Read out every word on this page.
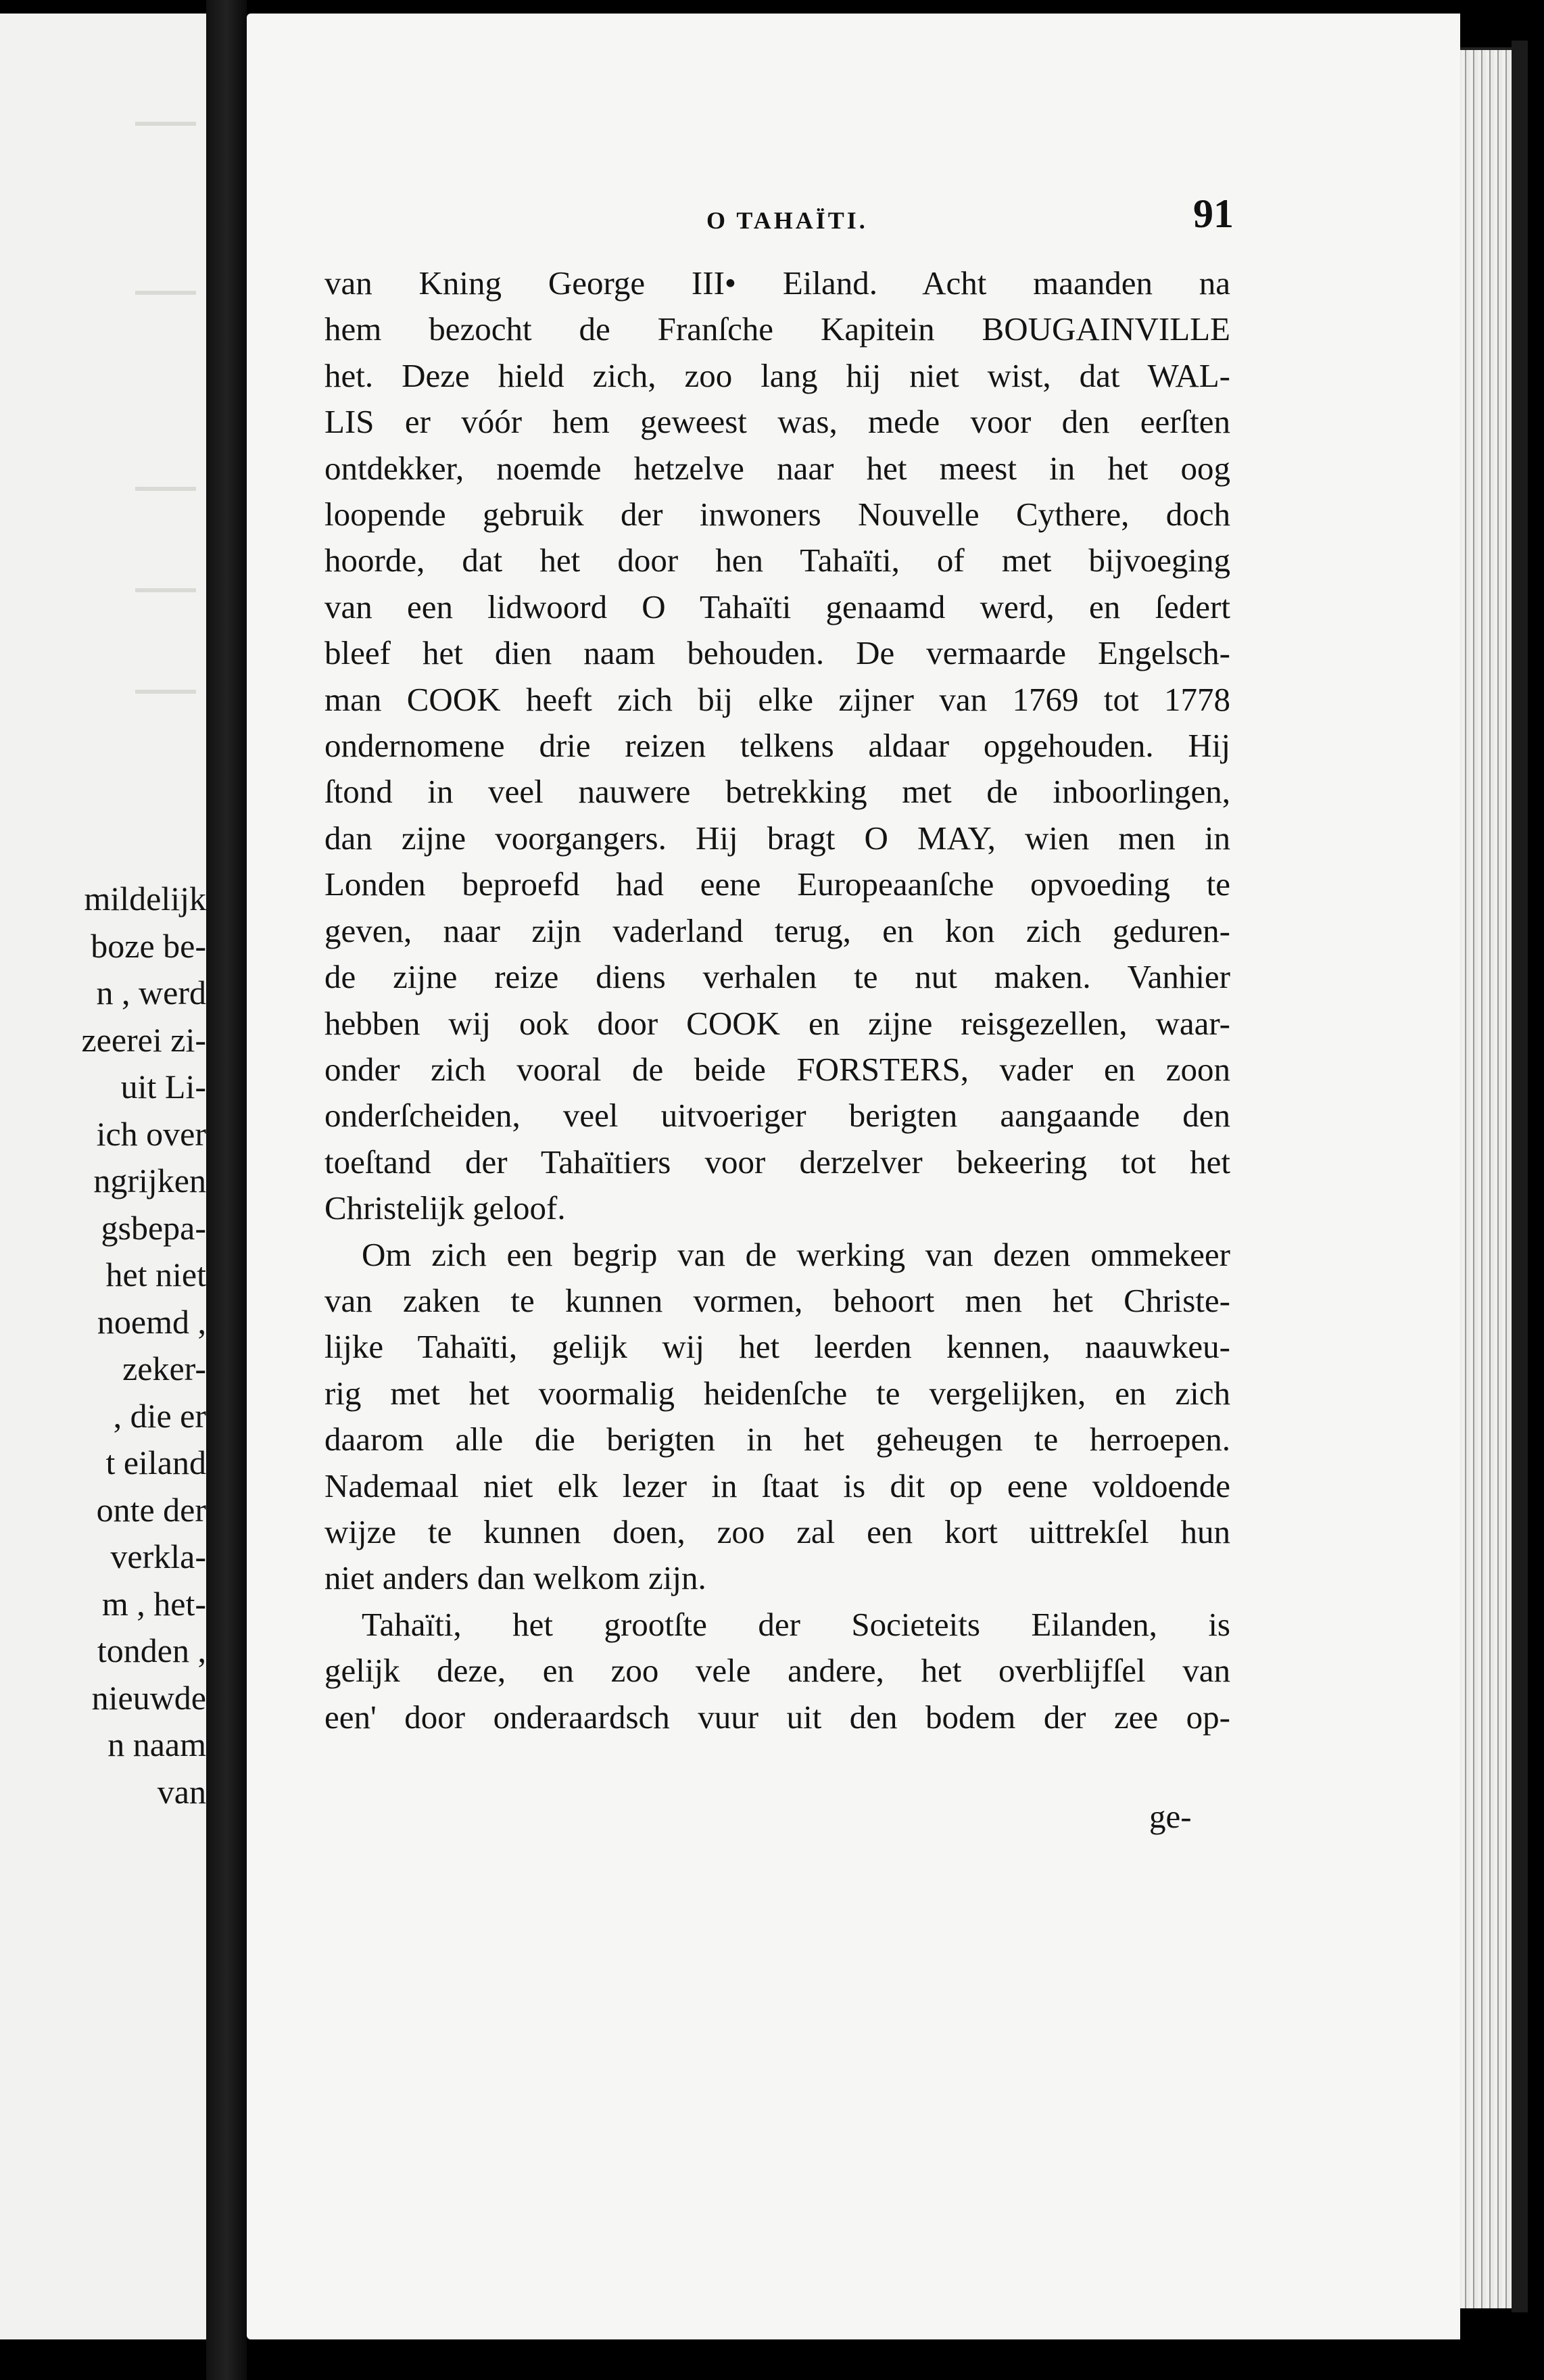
mildelijk
boze be-
n , werd
zeerei zi-
uit Li-
ich over
ngrijken
gsbepa-
het niet
noemd ,
zeker-
, die er
t eiland
onte der
verkla-
m , het-
tonden ,
nieuwde
n naam
van
O TAHAÏTI.	91
van Kning George III• Eiland. Acht maanden na
hem bezocht de Franſche Kapitein BOUGAINVILLE
het. Deze hield zich, zoo lang hij niet wist, dat WAL-
LIS er vóór hem geweest was, mede voor den eerſten
ontdekker, noemde hetzelve naar het meest in het oog
loopende gebruik der inwoners Nouvelle Cythere, doch
hoorde, dat het door hen Tahaïti, of met bijvoeging
van een lidwoord O Tahaïti genaamd werd, en ſedert
bleef het dien naam behouden. De vermaarde Engelsch-
man COOK heeft zich bij elke zijner van 1769 tot 1778
ondernomene drie reizen telkens aldaar opgehouden. Hij
ſtond in veel nauwere betrekking met de inboorlingen,
dan zijne voorgangers. Hij bragt O MAY, wien men in
Londen beproefd had eene Europeaanſche opvoeding te
geven, naar zijn vaderland terug, en kon zich geduren-
de zijne reize diens verhalen te nut maken. Vanhier
hebben wij ook door COOK en zijne reisgezellen, waar-
onder zich vooral de beide FORSTERS, vader en zoon
onderſcheiden, veel uitvoeriger berigten aangaande den
toeſtand der Tahaïtiers voor derzelver bekeering tot het
Christelijk geloof.
Om zich een begrip van de werking van dezen ommekeer
van zaken te kunnen vormen, behoort men het Christe-
lijke Tahaïti, gelijk wij het leerden kennen, naauwkeu-
rig met het voormalig heidenſche te vergelijken, en zich
daarom alle die berigten in het geheugen te herroepen.
Nademaal niet elk lezer in ſtaat is dit op eene voldoende
wijze te kunnen doen, zoo zal een kort uittrekſel hun
niet anders dan welkom zijn.
Tahaïti, het grootſte der Societeits Eilanden, is
gelijk deze, en zoo vele andere, het overblijfſel van
een' door onderaardsch vuur uit den bodem der zee op-
ge-
